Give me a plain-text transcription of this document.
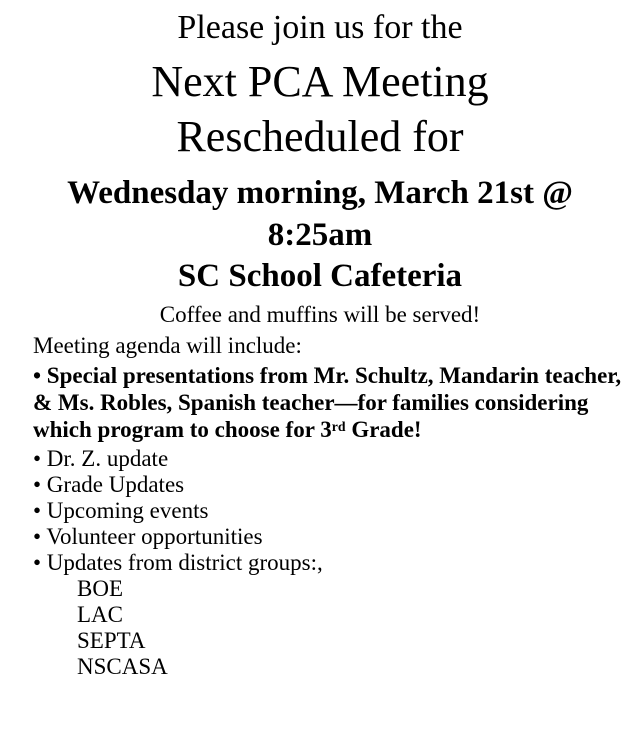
Please join us for the
Next PCA Meeting
Rescheduled for
Wednesday morning, March 21st @
8:25am
SC School Cafeteria
Coffee and muffins will be served!
Meeting agenda will include:
• Special presentations from Mr. Schultz, Mandarin teacher,
& Ms. Robles, Spanish teacher—for families considering
which program to choose for 3rd Grade!
• Dr. Z. update
• Grade Updates
• Upcoming events
• Volunteer opportunities
• Updates from district groups:,
BOE
LAC
SEPTA
NSCASA
